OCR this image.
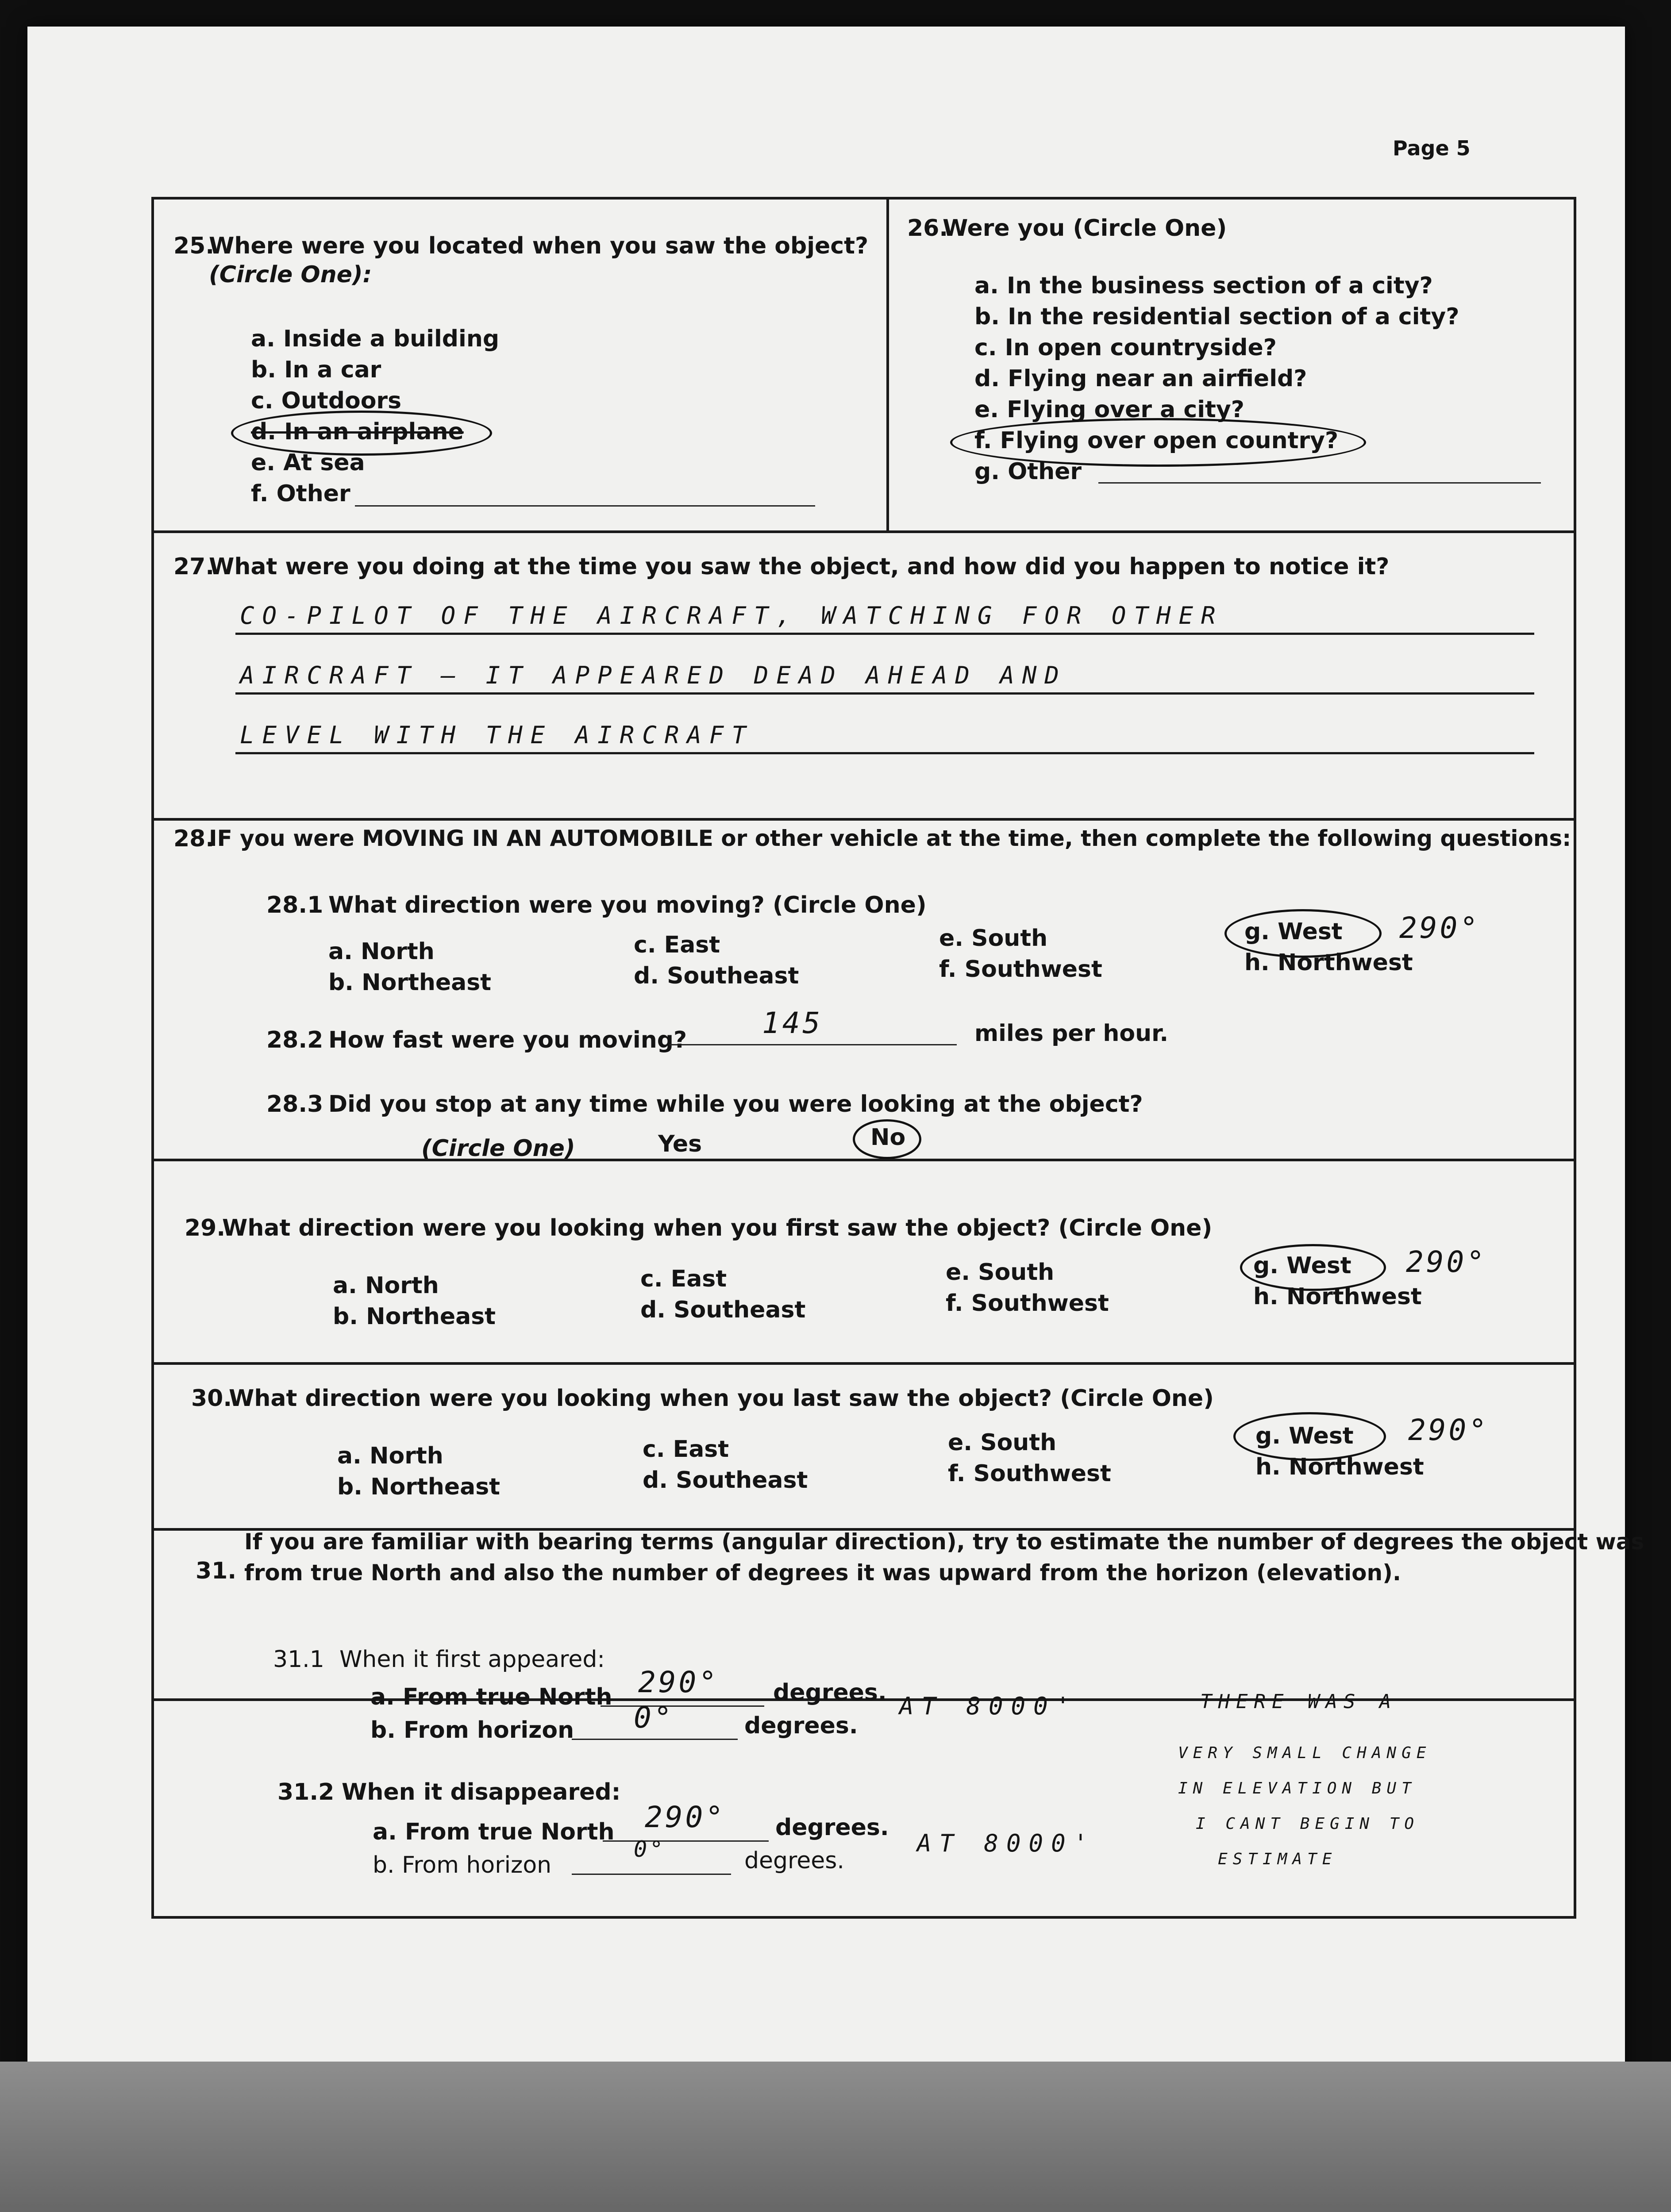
Page 5
25.
Where were you located when you saw the object?
(Circle One):
a. Inside a building
b. In a car
c. Outdoors
d. In an airplane
e. At sea
f. Other
26.
Were you (Circle One)
a. In the business section of a city?
b. In the residential section of a city?
c. In open countryside?
d. Flying near an airfield?
e. Flying over a city?
f. Flying over open country?
g. Other
27.
What were you doing at the time you saw the object, and how did you happen to notice it?
CO-PILOT OF THE AIRCRAFT, WATCHING FOR OTHER
AIRCRAFT — IT APPEARED DEAD AHEAD AND
LEVEL WITH THE AIRCRAFT
28.
IF you were MOVING IN AN AUTOMOBILE or other vehicle at the time, then complete the following questions:
28.1 What direction were you moving? (Circle One)
a. North
b. Northeast
c. East
d. Southeast
e. South
f. Southwest
g. West
h. Northwest
290°
28.2 How fast were you moving?	145	miles per hour.
28.3 Did you stop at any time while you were looking at the object?
(Circle One)	Yes	No
29.
What direction were you looking when you first saw the object? (Circle One)
a. North
b. Northeast
c. East
d. Southeast
e. South
f. Southwest
g. West
h. Northwest
290°
30.
What direction were you looking when you last saw the object? (Circle One)
a. North
b. Northeast
c. East
d. Southeast
e. South
f. Southwest
g. West
h. Northwest
290°
31.
If you are familiar with bearing terms (angular direction), try to estimate the number of degrees the object was
from true North and also the number of degrees it was upward from the horizon (elevation).
31.1 When it first appeared:
a. From true North 290° degrees.
b. From horizon 0°	degrees.
AT 8000'
31.2 When it disappeared:
a. From true North 290° degrees.
b. From horizon
0°	degrees.
AT 8000'
THERE WAS A
VERY SMALL CHANGE
IN ELEVATION BUT
I CANT BEGIN TO
ESTIMATE
